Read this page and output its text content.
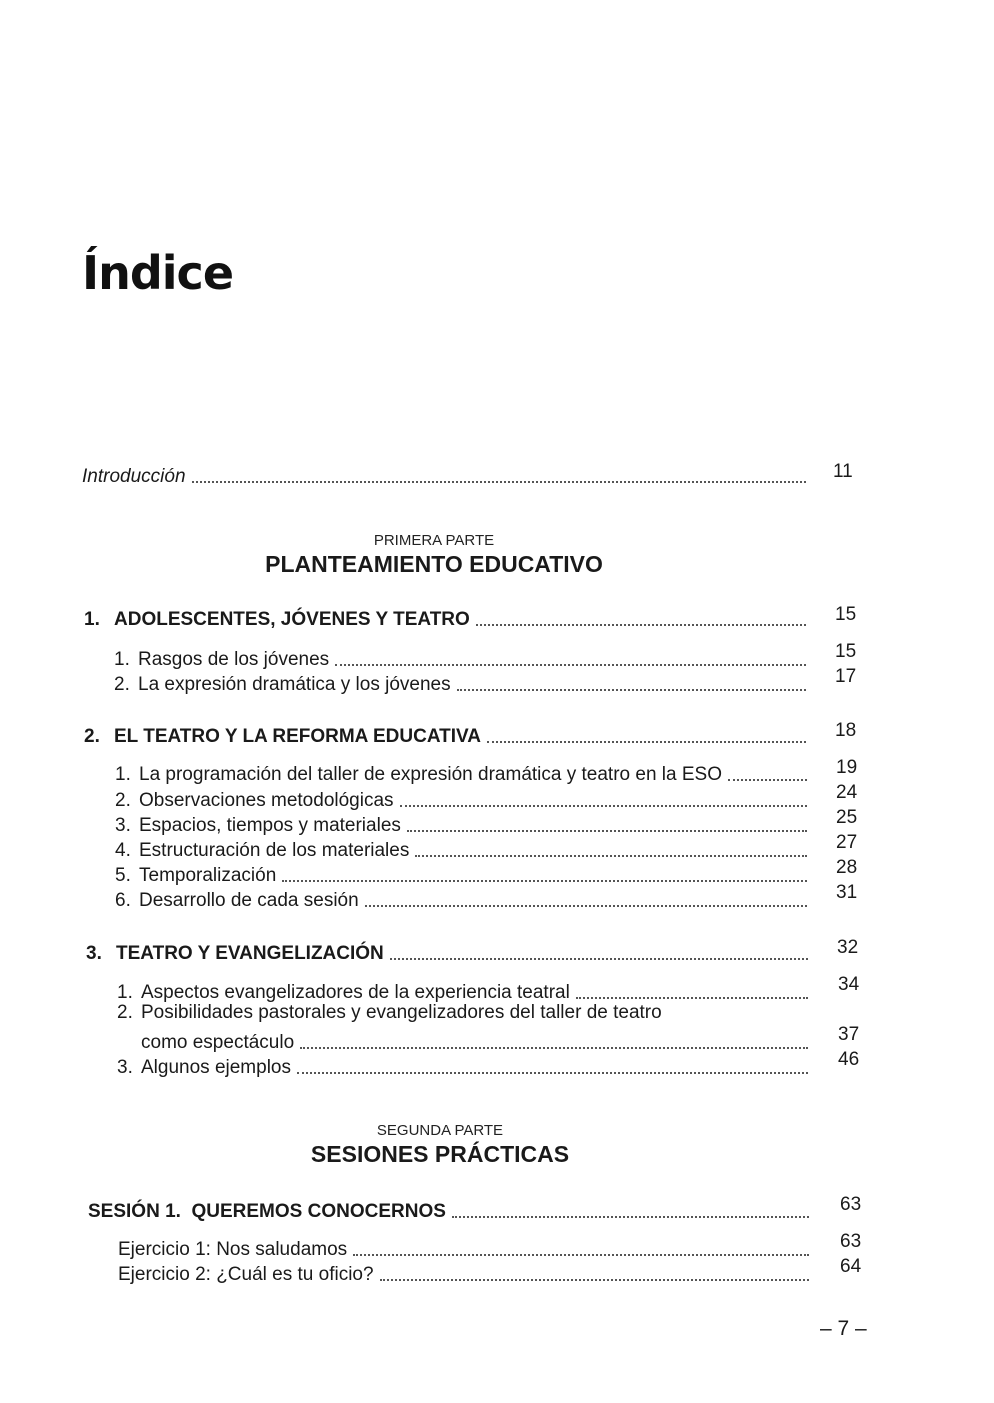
Índice
Introducción	11
PRIMERA PARTE
PLANTEAMIENTO EDUCATIVO
1. ADOLESCENTES, JÓVENES Y TEATRO	15
1. Rasgos de los jóvenes	15
2. La expresión dramática y los jóvenes	17
2. EL TEATRO Y LA REFORMA EDUCATIVA	18
1. La programación del taller de expresión dramática y teatro en la ESO	19
2. Observaciones metodológicas	24
3. Espacios, tiempos y materiales	25
4. Estructuración de los materiales	27
5. Temporalización	28
6. Desarrollo de cada sesión	31
3. TEATRO Y EVANGELIZACIÓN	32
1. Aspectos evangelizadores de la experiencia teatral	34
2. Posibilidades pastorales y evangelizadores del taller de teatro
como espectáculo	37
3. Algunos ejemplos	46
SEGUNDA PARTE
SESIONES PRÁCTICAS
SESIÓN 1.  QUEREMOS CONOCERNOS	63
Ejercicio 1: Nos saludamos	63
Ejercicio 2: ¿Cuál es tu oficio?	64
– 7 –
